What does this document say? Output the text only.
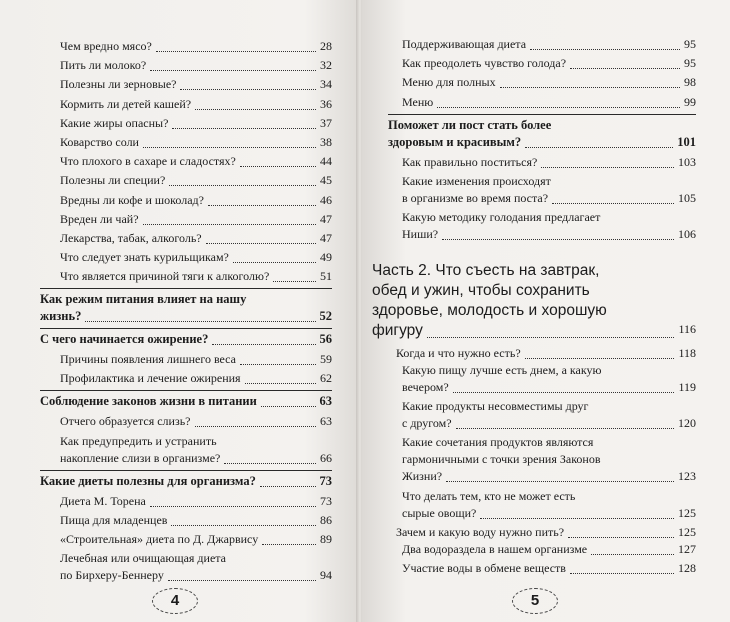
Чем вредно мясо?	28
Пить ли молоко?	32
Полезны ли зерновые?	34
Кормить ли детей кашей?	36
Какие жиры опасны?	37
Коварство соли	38
Что плохого в сахаре и сладостях?	44
Полезны ли специи?	45
Вредны ли кофе и шоколад?	46
Вреден ли чай?	47
Лекарства, табак, алкоголь?	47
Что следует знать курильщикам?	49
Что является причиной тяги к алкоголю?	51
Как режим питания влияет на нашу
жизнь?	52
С чего начинается ожирение?	56
Причины появления лишнего веса	59
Профилактика и лечение ожирения	62
Соблюдение законов жизни в питании	63
Отчего образуется слизь?	63
Как предупредить и устранить
накопление слизи в организме?	66
Какие диеты полезны для организма?	73
Диета М. Торена	73
Пища для младенцев	86
«Строительная» диета по Д. Джарвису	89
Лечебная или очищающая диета
по Бирхеру-Беннеру	94
4
Поддерживающая диета	95
Как преодолеть чувство голода?	95
Меню для полных	98
Меню	99
Поможет ли пост стать более
здоровым и красивым?	101
Как правильно поститься?	103
Какие изменения происходят
в организме во время поста?	105
Какую методику голодания предлагает
Ниши?	106
Часть 2. Что съесть на завтрак,
обед и ужин, чтобы сохранить
здоровье, молодость и хорошую
фигуру	116
Когда и что нужно есть?	118
Какую пищу лучше есть днем, а какую
вечером?	119
Какие продукты несовместимы друг
с другом?	120
Какие сочетания продуктов являются
гармоничными с точки зрения Законов
Жизни?	123
Что делать тем, кто не может есть
сырые овощи?	125
Зачем и какую воду нужно пить?	125
Два водораздела в нашем организме	127
Участие воды в обмене веществ	128
5
